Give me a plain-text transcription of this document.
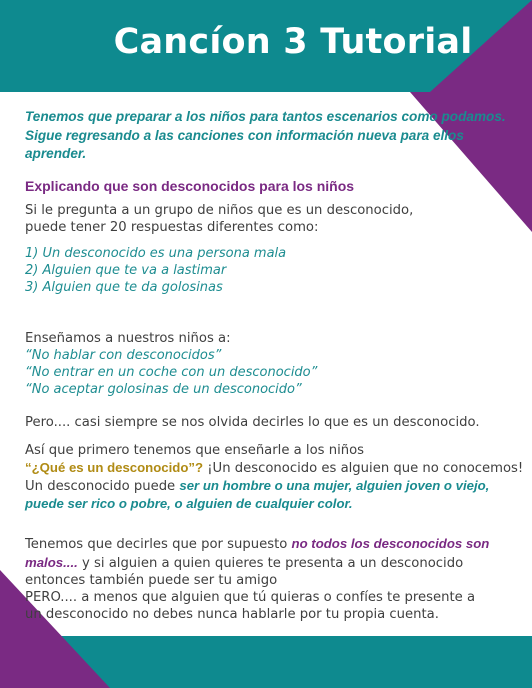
Cancíon 3 Tutorial

Tenemos que preparar a los niños para tantos escenarios como podamos. Sigue regresando a las canciones con información nueva para ellos aprender.

Explicando que son desconocidos para los niños

Si le pregunta a un grupo de niños que es un desconocido, puede tener 20 respuestas diferentes como:

1) Un desconocido es una persona mala

2) Alguien que te va a lastimar

3) Alguien que te da golosinas

Enseñamos a nuestros niños a:

“No hablar con desconocidos”

“No entrar en un coche con un desconocido”

“No aceptar golosinas de un desconocido”

Pero.... casi siempre se nos olvida decirles lo que es un desconocido.

Así que primero tenemos que enseñarle a los niños

“¿Qué es un desconocido”? ¡Un desconocido es alguien que no conocemos!

Un desconocido puede ser un hombre o una mujer, alguien joven o viejo, puede ser rico o pobre, o alguien de cualquier color.

Tenemos que decirles que por supuesto no todos los desconocidos son malos.... y si alguien a quien quieres te presenta a un desconocido entonces también puede ser tu amigo

PERO.... a menos que alguien que tú quieras o confíes te presente a un desconocido no debes nunca hablarle por tu propia cuenta.
